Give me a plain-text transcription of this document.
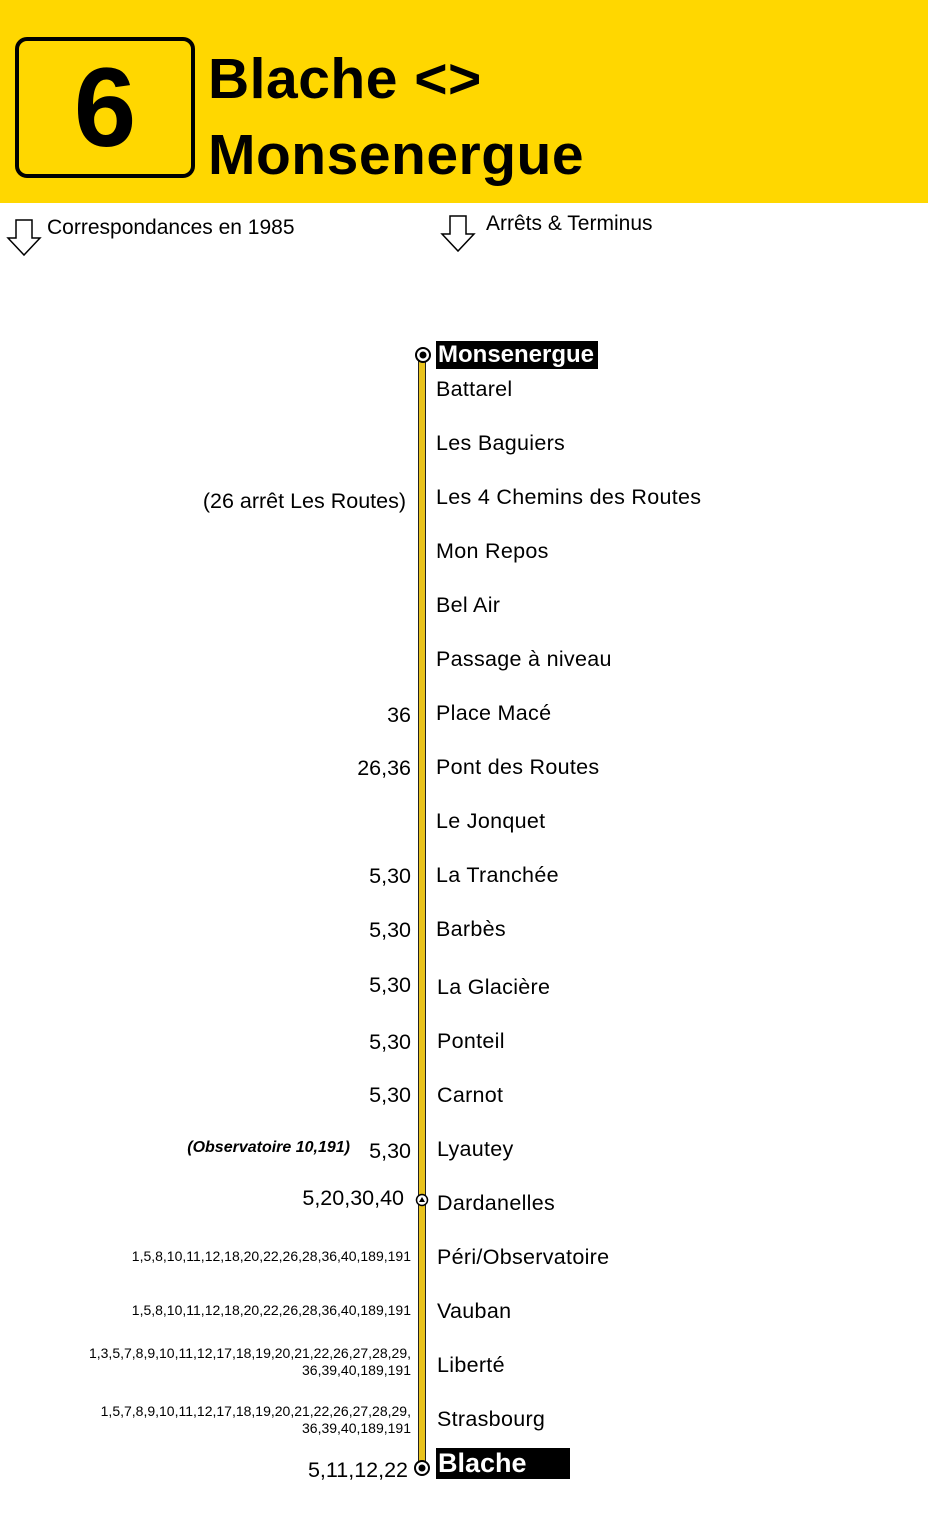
6	Blache <>
Monsenergue
Correspondances en 1985	Arrêts & Terminus
Monsenergue
Battarel
Les Baguiers
(26 arrêt Les Routes) Les 4 Chemins des Routes
Mon Repos
Bel Air
Passage à niveau
36 Place Macé
26,36 Pont des Routes
Le Jonquet
5,30 La Tranchée
5,30 Barbès
5,30 La Glacière
5,30 Ponteil
5,30 Carnot
(Observatoire 10,191) 5,30 Lyautey
5,20,30,40 Dardanelles
1,5,8,10,11,12,18,20,22,26,28,36,40,189,191 Péri/Observatoire
1,5,8,10,11,12,18,20,22,26,28,36,40,189,191 Vauban
1,3,5,7,8,9,10,11,12,17,18,19,20,21,22,26,27,28,29,
36,39,40,189,191 Liberté
1,5,7,8,9,10,11,12,17,18,19,20,21,22,26,27,28,29,
36,39,40,189,191 Strasbourg
5,11,12,22 Blache
